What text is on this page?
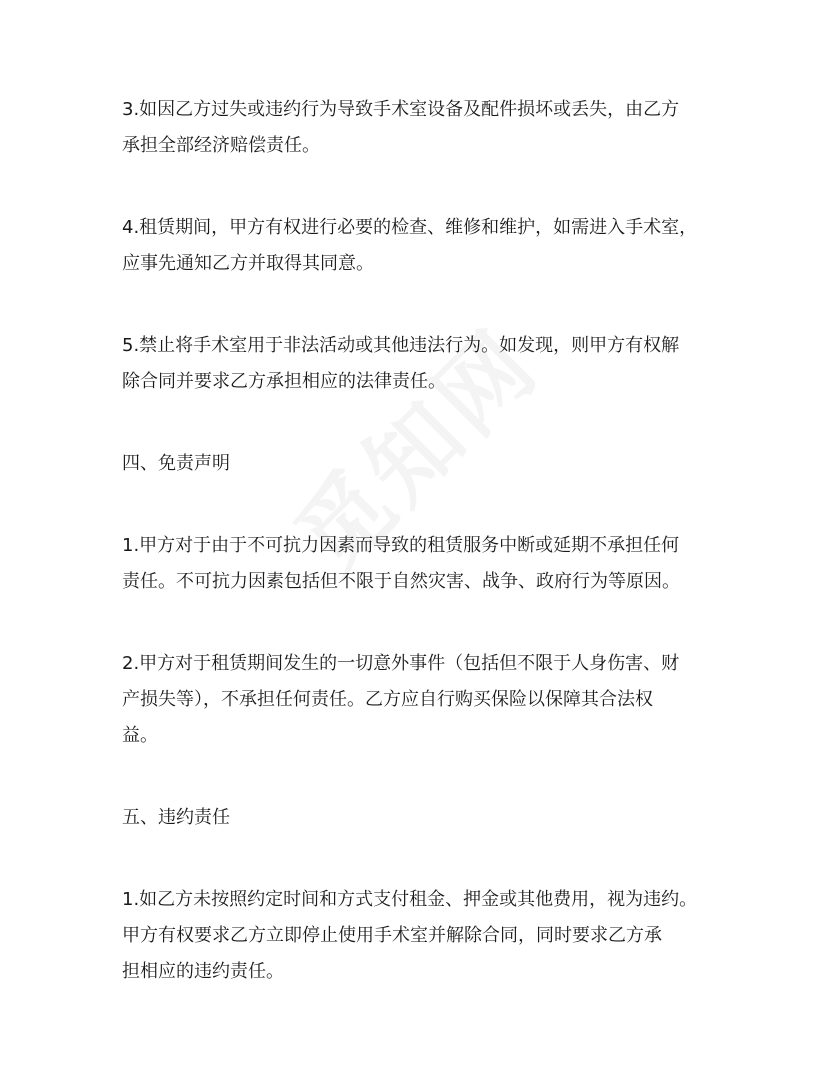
3.如因乙方过失或违约行为导致手术室设备及配件损坏或丢失，由乙方
承担全部经济赔偿责任。

4.租赁期间，甲方有权进行必要的检查、维修和维护，如需进入手术室，
应事先通知乙方并取得其同意。

5.禁止将手术室用于非法活动或其他违法行为。如发现，则甲方有权解
除合同并要求乙方承担相应的法律责任。

四、免责声明

1.甲方对于由于不可抗力因素而导致的租赁服务中断或延期不承担任何
责任。不可抗力因素包括但不限于自然灾害、战争、政府行为等原因。

2.甲方对于租赁期间发生的一切意外事件（包括但不限于人身伤害、财
产损失等），不承担任何责任。乙方应自行购买保险以保障其合法权
益。

五、违约责任

1.如乙方未按照约定时间和方式支付租金、押金或其他费用，视为违约。
甲方有权要求乙方立即停止使用手术室并解除合同，同时要求乙方承
担相应的违约责任。
